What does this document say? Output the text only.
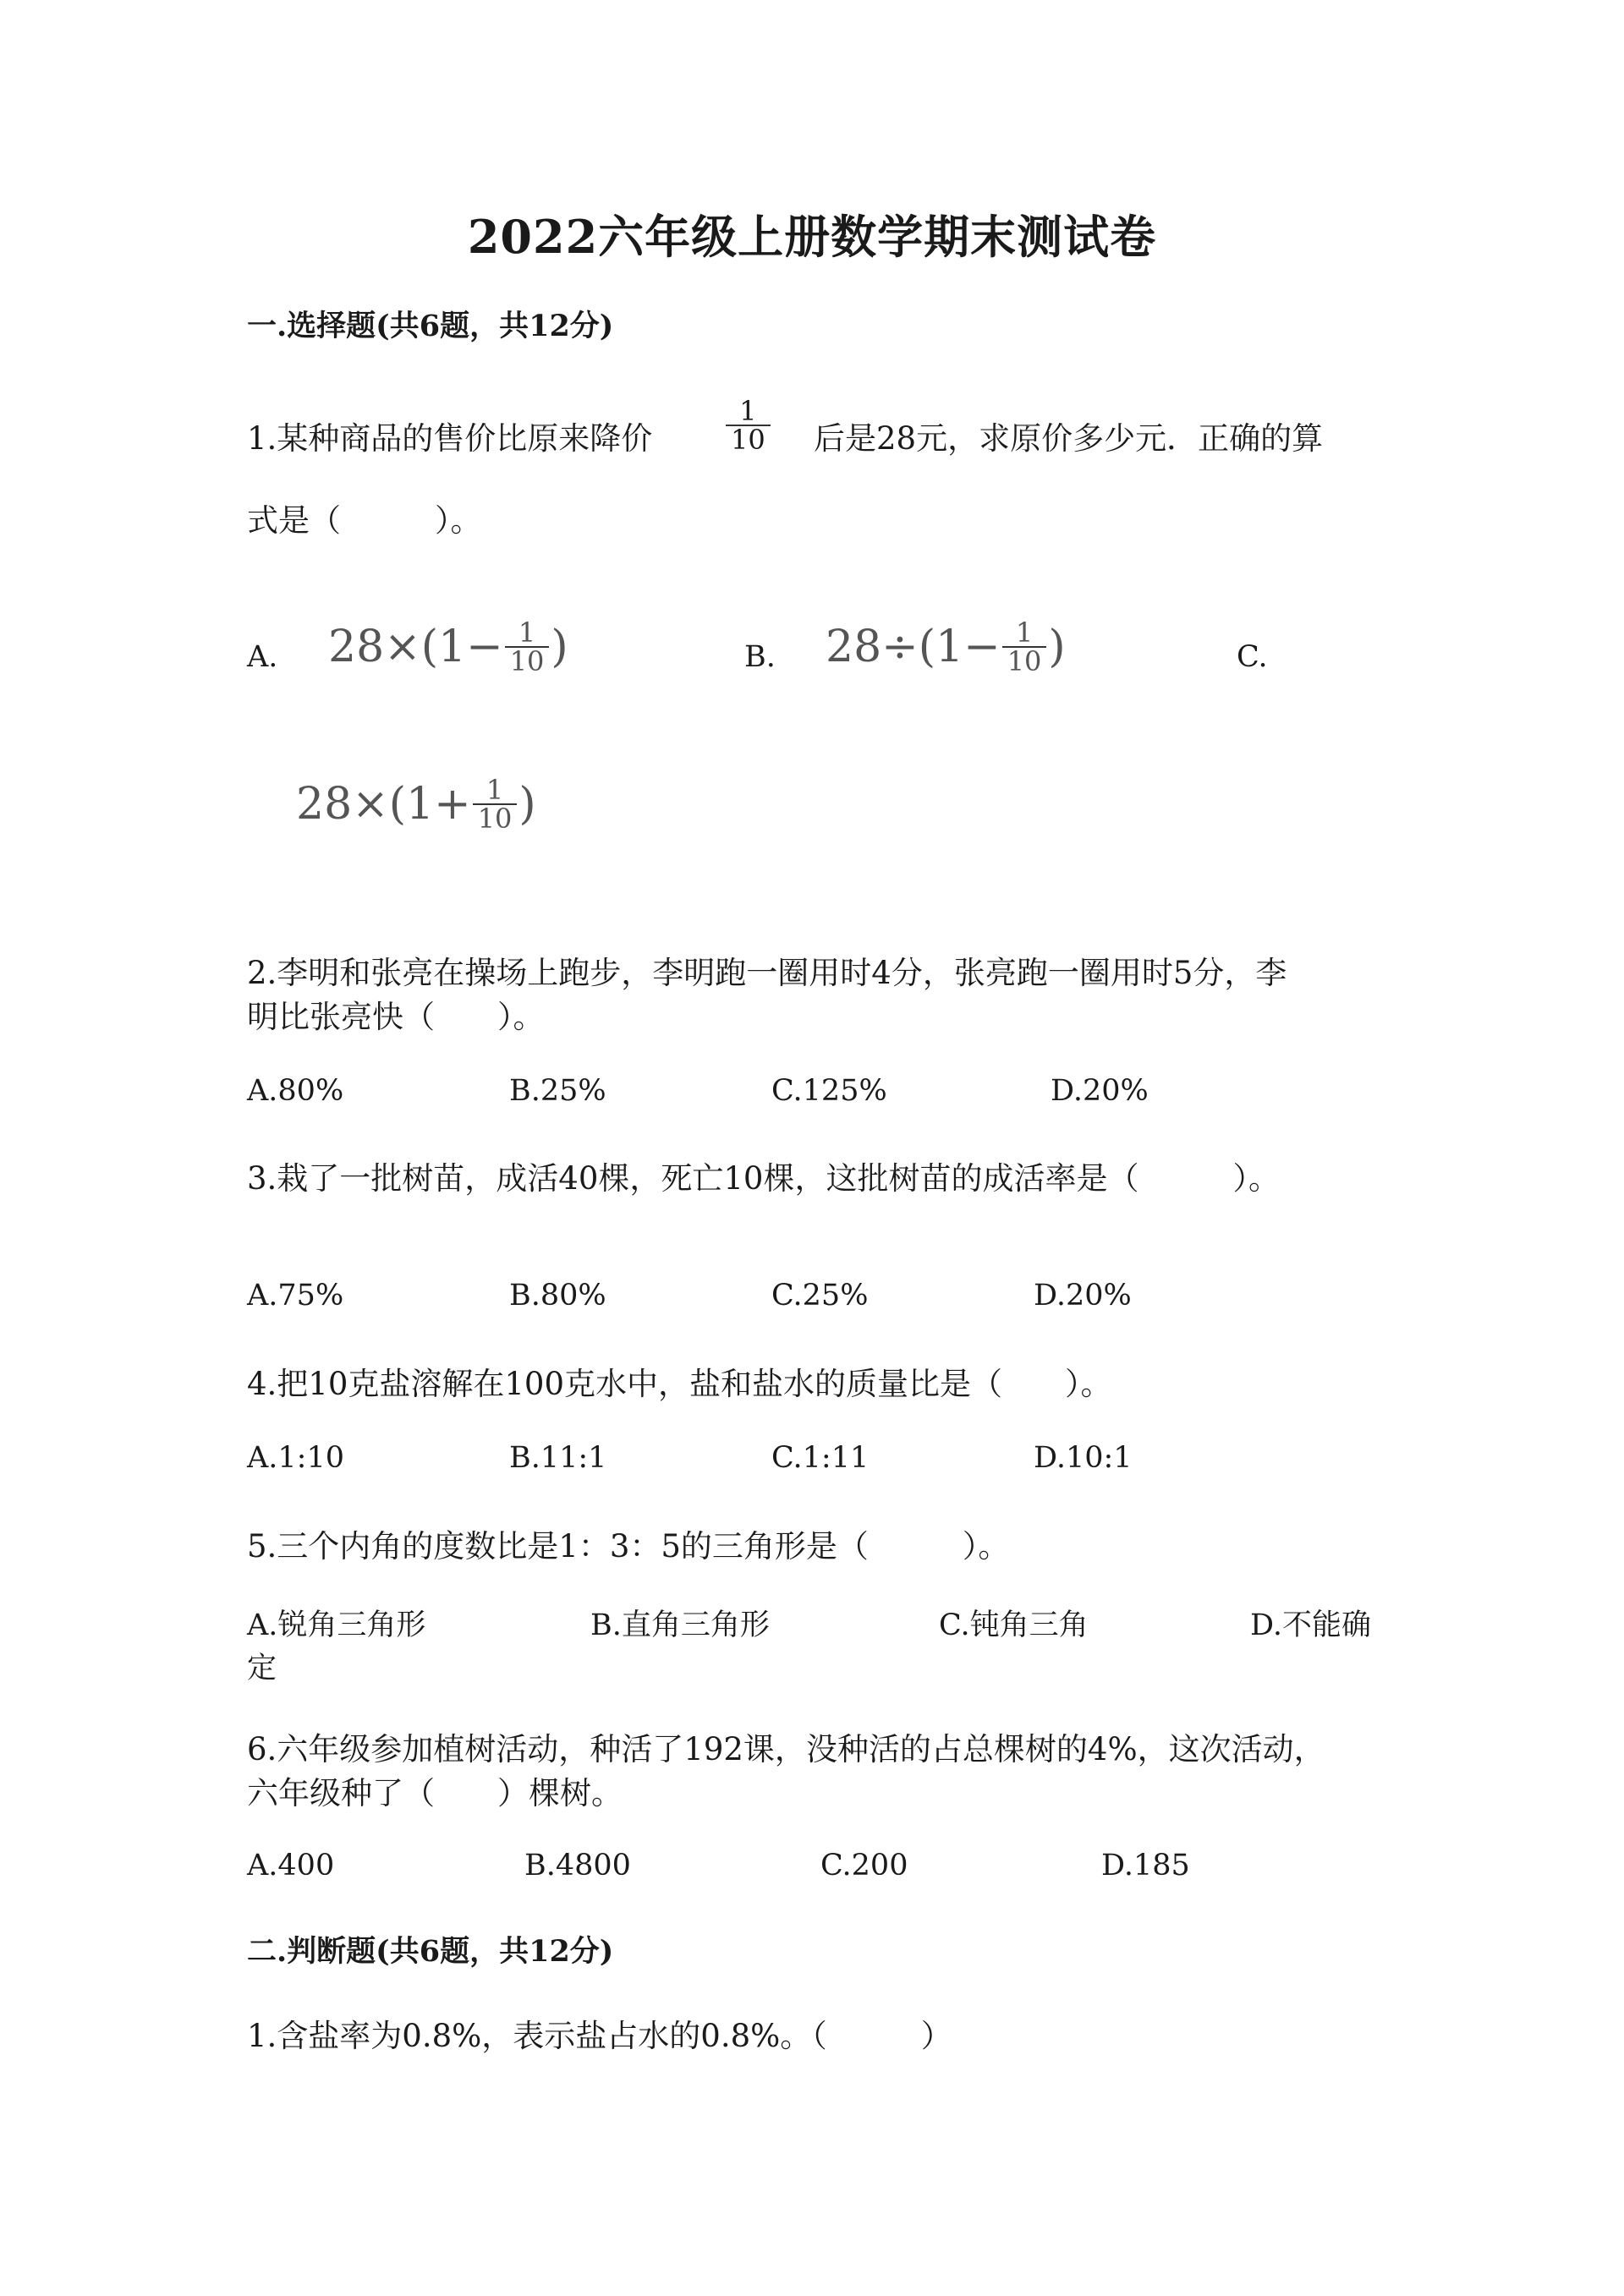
2022六年级上册数学期末测试卷
一.选择题(共6题，共12分)
1.某种商品的售价比原来降价	$\frac{1}{10}$ 后是28元，求原价多少元．正确的算
式是（　　　）。
A. $28\times(1- \frac{1}{10}$ )	B. $28\div(1- \frac{1}{10}$ )	C.
$28\times(1+ \frac{1}{10}$ )
2.李明和张亮在操场上跑步，李明跑一圈用时4分，张亮跑一圈用时5分，李
明比张亮快（　　）。
A.80%	B.25%	C.125%	D.20%
3.栽了一批树苗，成活40棵，死亡10棵，这批树苗的成活率是（　　　）。
A.75%	B.80%	C.25%	D.20%
4.把10克盐溶解在100克水中，盐和盐水的质量比是（　　）。
A.1:10	B.11:1	C.1:11	D.10:1
5.三个内角的度数比是1：3：5的三角形是（　　　）。
A.锐角三角形	B.直角三角形	C.钝角三角	D.不能确
定
6.六年级参加植树活动，种活了192课，没种活的占总棵树的4%，这次活动，
六年级种了（　　）棵树。
A.400	B.4800	C.200	D.185
二.判断题(共6题，共12分)
1.含盐率为0.8%，表示盐占水的0.8%。（　　　）
